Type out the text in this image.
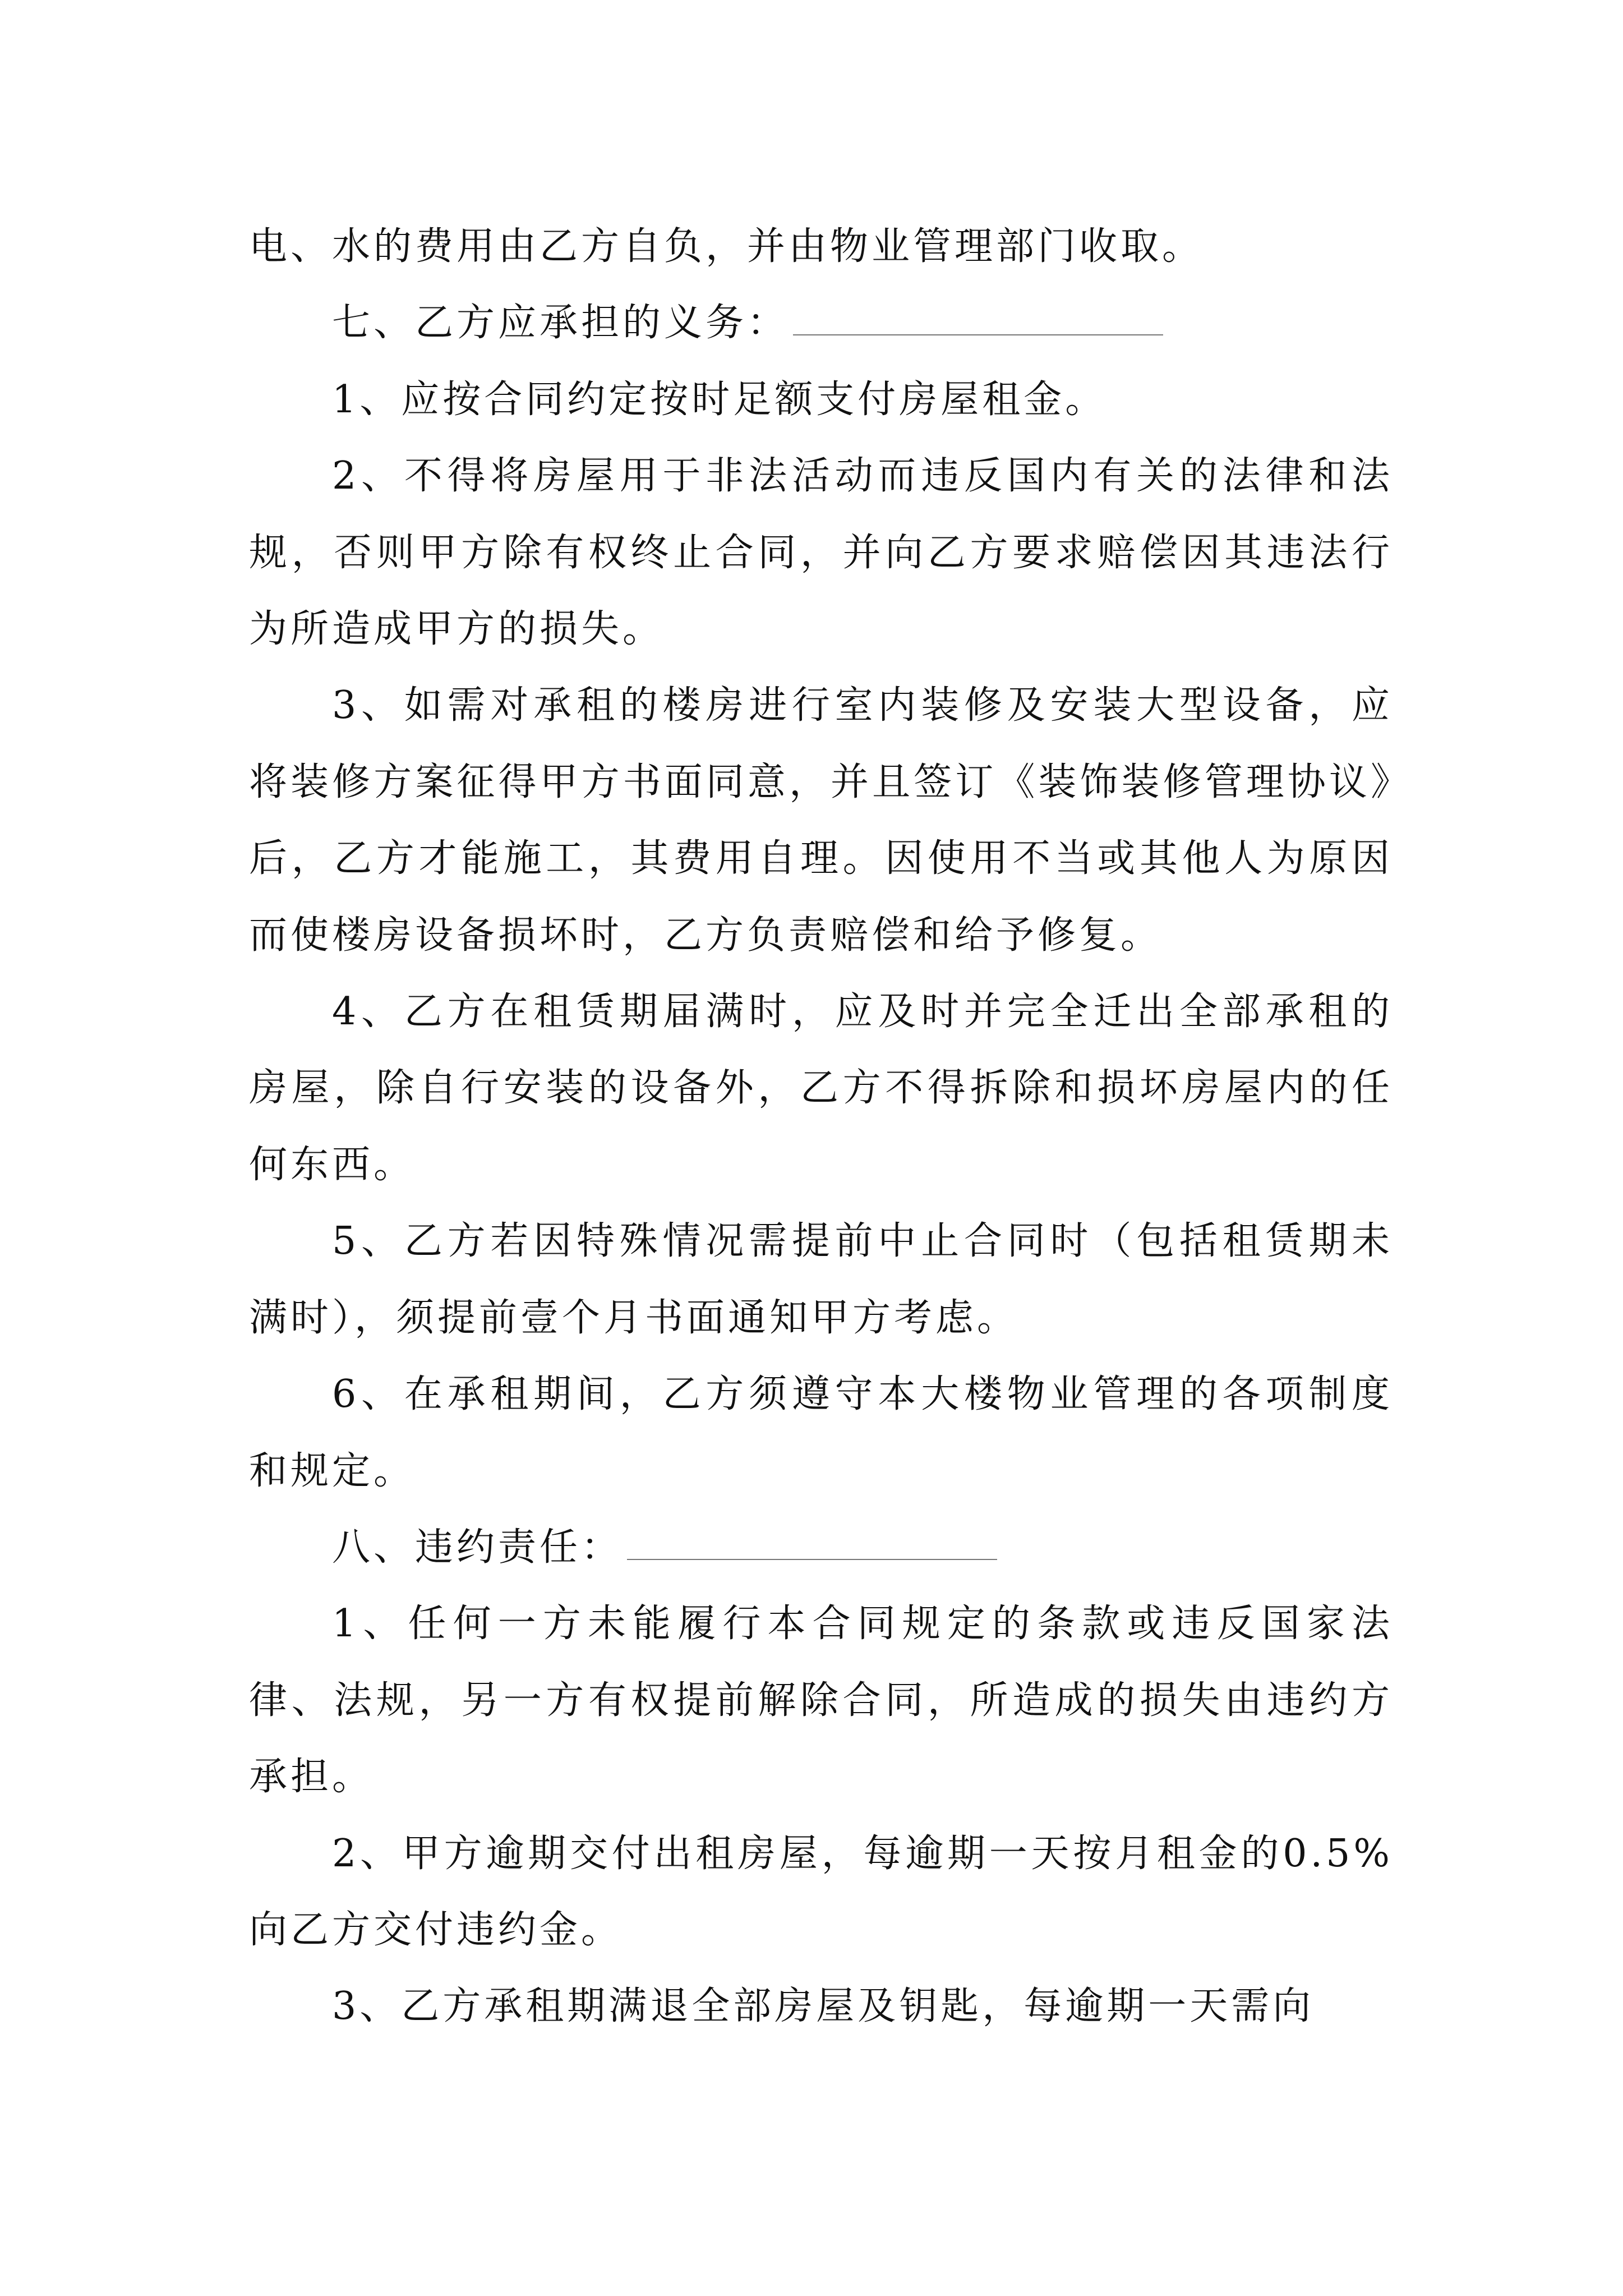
电、水的费用由乙方自负，并由物业管理部门收取。

七、乙方应承担的义务：

1、应按合同约定按时足额支付房屋租金。

2、不得将房屋用于非法活动而违反国内有关的法律和法规，否则甲方除有权终止合同，并向乙方要求赔偿因其违法行为所造成甲方的损失。

3、如需对承租的楼房进行室内装修及安装大型设备，应将装修方案征得甲方书面同意，并且签订《装饰装修管理协议》后，乙方才能施工，其费用自理。因使用不当或其他人为原因而使楼房设备损坏时，乙方负责赔偿和给予修复。

4、乙方在租赁期届满时，应及时并完全迁出全部承租的房屋，除自行安装的设备外，乙方不得拆除和损坏房屋内的任何东西。

5、乙方若因特殊情况需提前中止合同时（包括租赁期未满时），须提前壹个月书面通知甲方考虑。

6、在承租期间，乙方须遵守本大楼物业管理的各项制度和规定。

八、违约责任：

1、任何一方未能履行本合同规定的条款或违反国家法律、法规，另一方有权提前解除合同，所造成的损失由违约方承担。

2、甲方逾期交付出租房屋，每逾期一天按月租金的0.5%向乙方交付违约金。

3、乙方承租期满退全部房屋及钥匙，每逾期一天需向
